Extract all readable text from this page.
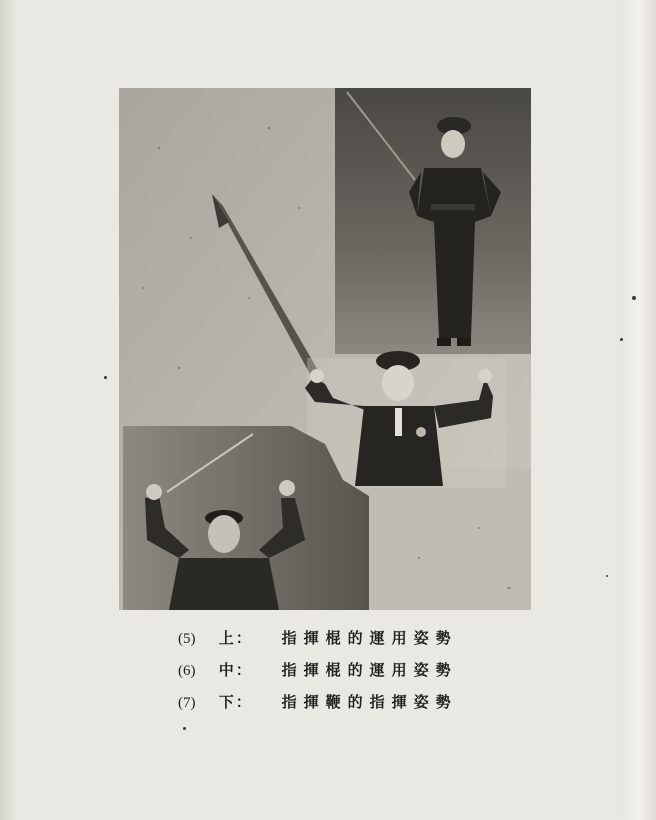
(5) 上： 指揮棍的運用姿勢
(6) 中： 指揮棍的運用姿勢
(7) 下： 指揮鞭的指揮姿勢
